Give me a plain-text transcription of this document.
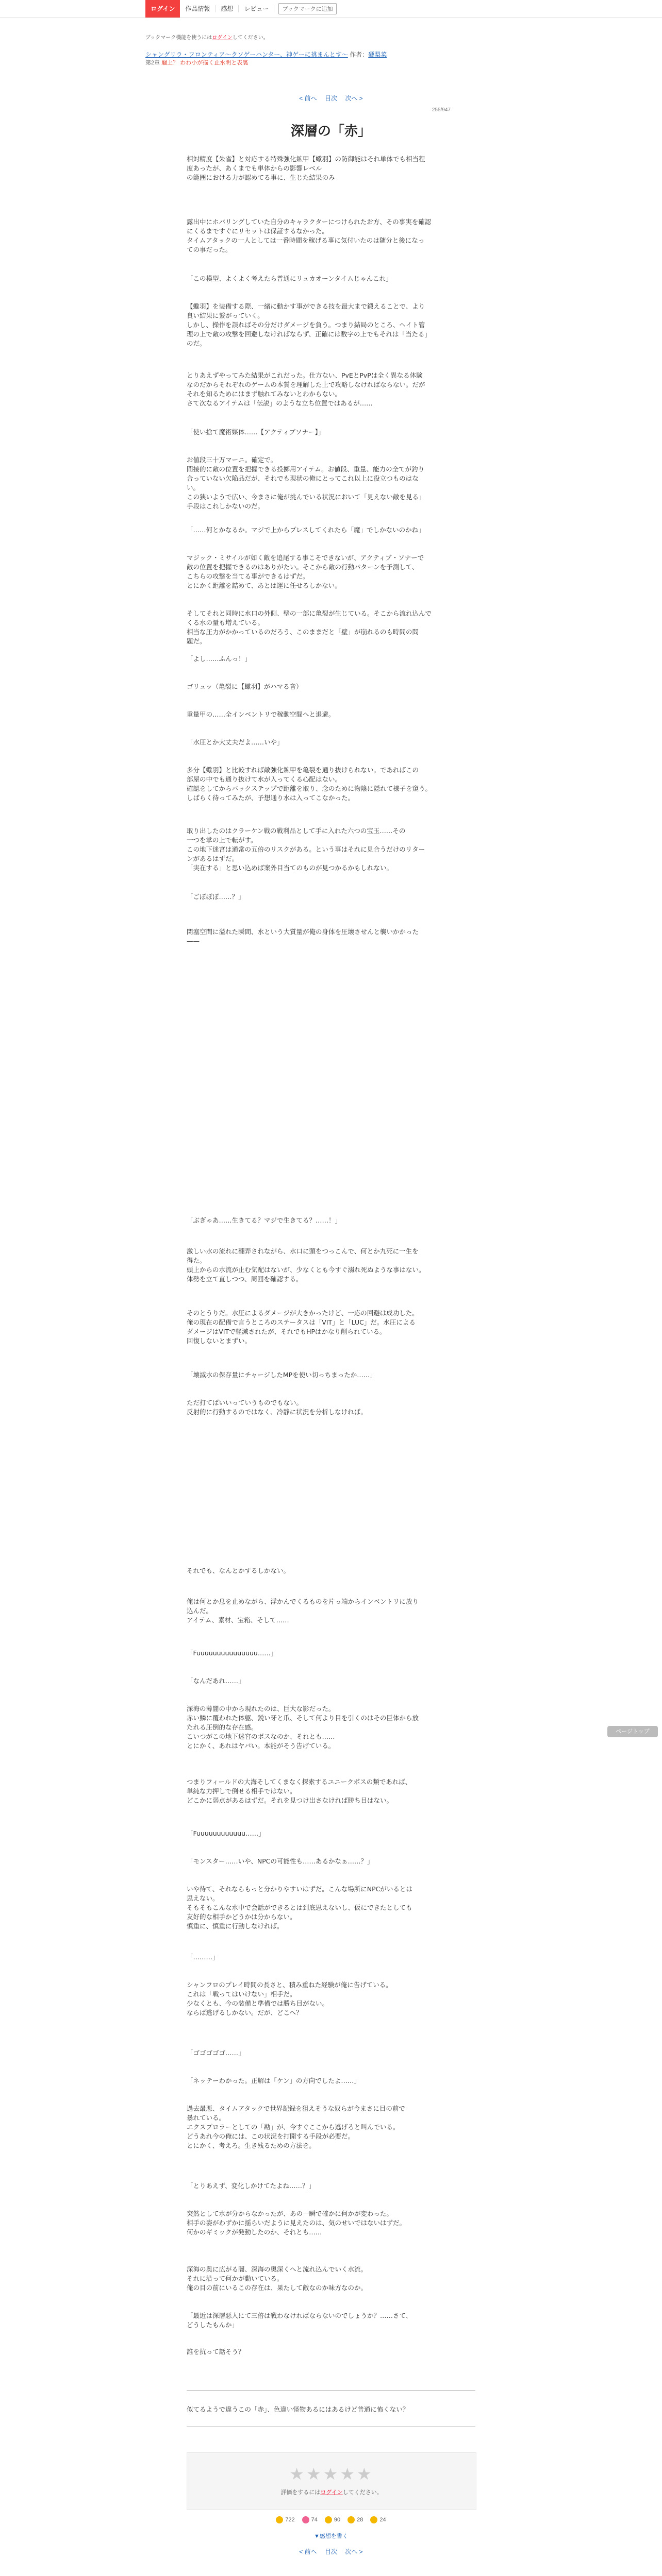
ログイン	作品情報	感想	レビュー	ブックマークに追加
ブックマーク機能を使うにはログインしてください。
シャングリラ・フロンティア〜クソゲーハンター、神ゲーに挑まんとす〜 作者：硬梨菜
第2章 騒上？ わわ小が描く止水明と表裏
< 前へ 目次 次へ >
255/947
深層の「赤」

相対精度【朱雀】と対応する特殊強化鉱甲【蠍羽】の防御能はそれ単体でも相当程
度あったが、あくまでも単体からの影響レベル
の範囲における力が認めてる事に、生じた結果のみ

露出中にホバリングしていた自分のキャラクターにつけられたお方、その事実を確認
にくるまですぐにリセットは保証するなかった。
タイムアタックの一人としては一番時間を稼げる事に気付いたのは随分と後になっ
ての事だった。

「この模型、よくよく考えたら普通にリュカオーンタイムじゃんこれ」

【蠍羽】を装備する際、一緒に動かす事ができる技を最大まで鍛えることで、より
良い結果に繋がっていく。
しかし、操作を誤ればその分だけダメージを負う。つまり結局のところ、ヘイト管
理の上で敵の攻撃を回避しなければならず、正確には数字の上でもそれは「当たる」
のだ。

とりあえずやってみた結果がこれだった。仕方ない、PvEとPvPは全く異なる体験
なのだからそれぞれのゲームの本質を理解した上で攻略しなければならない。だが
それを知るためにはまず触れてみないとわからない。
さて次なるアイテムは「伝説」のような立ち位置ではあるが……

「使い捨て魔術媒体……【アクティブソナー】」

お値段三十万マーニ。確定で。
間接的に敵の位置を把握できる投擲用アイテム。お値段、重量、能力の全てが釣り
合っていない欠陥品だが、それでも現状の俺にとってこれ以上に役立つものはな
い。
この狭いようで広い、今まさに俺が挑んでいる状況において「見えない敵を見る」
手段はこれしかないのだ。

「……何とかなるか。マジで上からプレスしてくれたら「魔」でしかないのかね」

マジック・ミサイルが如く敵を追尾する事こそできないが、アクティブ・ソナーで
敵の位置を把握できるのはありがたい。そこから敵の行動パターンを予測して、
こちらの攻撃を当てる事ができるはずだ。
とにかく距離を詰めて、あとは運に任せるしかない。

そしてそれと同時に水口の外側、壁の一部に亀裂が生じている。そこから流れ込んで
くる水の量も増えている。
相当な圧力がかかっているのだろう、このままだと「壁」が崩れるのも時間の問
題だ。

「よし……ふんっ！」

ゴリュッ（亀裂に【蠍羽】がハマる音）

重量甲の……全インベントリで稼動空間へと退避。

「水圧とか大丈夫だよ……いや」

多分【蠍羽】と比較すれば敵強化鉱甲を亀裂を通り抜けられない。であればこの
部屋の中でも通り抜けて水が入ってくる心配はない。
確認をしてからバックステップで距離を取り、念のために物陰に隠れて様子を窺う。
しばらく待ってみたが、予想通り水は入ってこなかった。

取り出したのはクラーケン戦の戦利品として手に入れた六つの宝玉……その
一つを掌の上で転がす。
この地下迷宮は通常の五倍のリスクがある。という事はそれに見合うだけのリター
ンがあるはずだ。
「実在する」と思い込めば案外目当てのものが見つかるかもしれない。

「ごぽぽぽ……？」

閉塞空間に溢れた瞬間、水という大質量が俺の身体を圧壊させんと襲いかかった
——

「ぶぎゃあ……生きてる？マジで生きてる？……！」

激しい水の流れに翻弄されながら、水口に頭をつっこんで、何とか九死に一生を
得た。
頭上からの水流が止む気配はないが、少なくとも今すぐ溺れ死ぬような事はない。
体勢を立て直しつつ、周囲を確認する。

そのとうりだ。水圧によるダメージが大きかったけど、一応の回避は成功した。
俺の現在の配備で言うところのステータスは「VIT」と「LUC」だ。水圧による
ダメージはVITで軽減されたが、それでもHPはかなり削られている。
回復しないとまずい。

「壊滅水の保存量にチャージしたMPを使い切っちまったか……」

ただ打てばいいっていうものでもない。
反射的に行動するのではなく、冷静に状況を分析しなければ。

それでも、なんとかするしかない。

俺は何とか息を止めながら、浮かんでくるものを片っ端からインベントリに放り
込んだ。
アイテム、素材、宝箱、そして……

「Fuuuuuuuuuuuuuuu……」

「なんだあれ……」

深海の薄闇の中から現れたのは、巨大な影だった。
赤い鱗に覆われた体躯、鋭い牙と爪、そして何より目を引くのはその巨体から放
たれる圧倒的な存在感。
こいつがこの地下迷宮のボスなのか、それとも……
とにかく、あれはヤバい。本能がそう告げている。

つまりフィールドの大海そしてくまなく探索するユニークボスの類であれば、
単純な力押しで倒せる相手ではない。
どこかに弱点があるはずだ。それを見つけ出さなければ勝ち目はない。

「Fuuuuuuuuuuuu……」

「モンスター……いや、NPCの可能性も……あるかなぁ……？」

いや待て、それならもっと分かりやすいはずだ。こんな場所にNPCがいるとは
思えない。
そもそもこんな水中で会話ができるとは到底思えないし、仮にできたとしても
友好的な相手かどうかは分からない。
慎重に、慎重に行動しなければ。

「………」

シャンフロのプレイ時間の長さと、積み重ねた経験が俺に告げている。
これは「戦ってはいけない」相手だ。
少なくとも、今の装備と準備では勝ち目がない。
ならば逃げるしかない。だが、どこへ？

「ゴゴゴゴゴ……」

「ネッテーわかった。正解は「ケン」の方向でしたよ……」

過去最悪、タイムアタックで世界記録を狙えそうな奴らが今まさに目の前で
暴れている。
エクスプロラーとしての「勘」が、今すぐここから逃げろと叫んでいる。
どうあれ今の俺には、この状況を打開する手段が必要だ。
とにかく、考えろ。生き残るための方法を。

「とりあえず、変化しかけてたよね……？」

突然として水が分からなかったが、あの一瞬で確かに何かが変わった。
相手の姿がわずかに揺らいだように見えたのは、気のせいではないはずだ。
何かのギミックが発動したのか、それとも……

深海の奥に広がる闇、深海の奥深くへと流れ込んでいく水流。
それに沿って何かが動いている。
俺の目の前にいるこの存在は、果たして敵なのか味方なのか。

「最近は深層悪人にて三倍は戦わなければならないのでしょうか？……さて、
どうしたもんか」

誰を抗って話そう？

似てるようで違うこの「赤」、色違い怪物あるにはあるけど普通に怖くない？

ページトップ
★★★★★
評価をするにはログインしてください。
722	74	90	28	24
▼感想を書く
< 前へ 目次 次へ >
